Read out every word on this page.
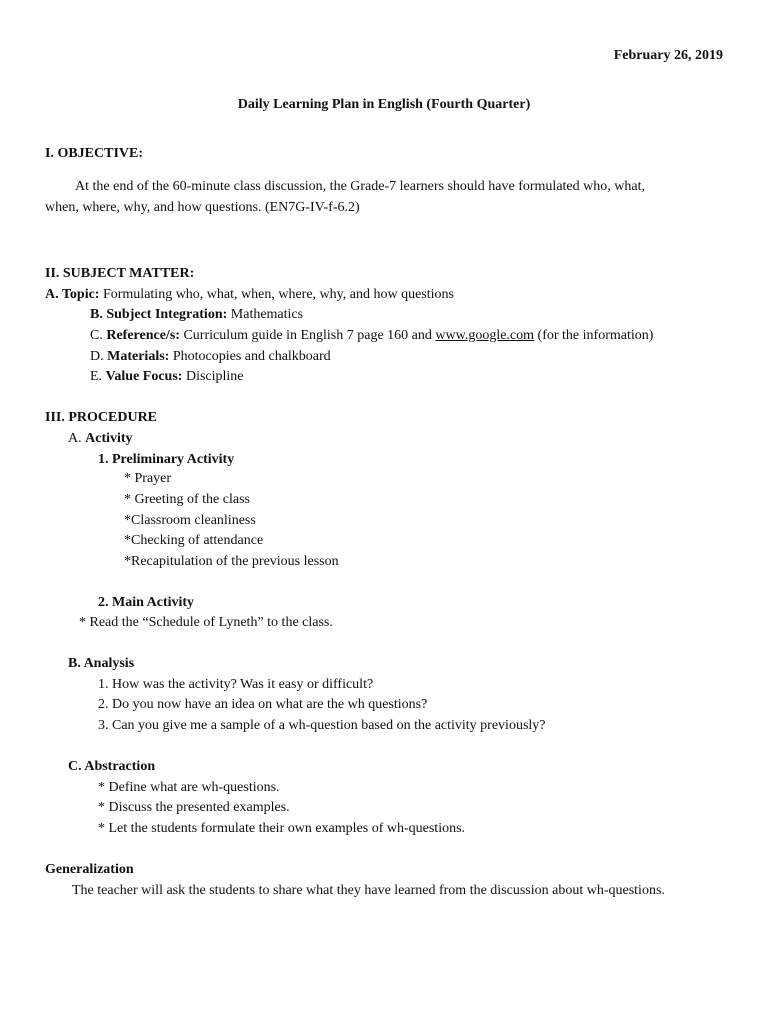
February 26, 2019
Daily Learning Plan in English (Fourth Quarter)
I. OBJECTIVE:
At the end of the 60-minute class discussion, the Grade-7 learners should have formulated who, what,
when, where, why, and how questions. (EN7G-IV-f-6.2)
II. SUBJECT MATTER:
A. Topic: Formulating who, what, when, where, why, and how questions
B. Subject Integration: Mathematics
C. Reference/s: Curriculum guide in English 7 page 160 and www.google.com (for the information)
D. Materials: Photocopies and chalkboard
E. Value Focus: Discipline
III. PROCEDURE
A. Activity
1. Preliminary Activity
* Prayer
* Greeting of the class
*Classroom cleanliness
*Checking of attendance
*Recapitulation of the previous lesson
2. Main Activity
* Read the “Schedule of Lyneth” to the class.
B. Analysis
1. How was the activity? Was it easy or difficult?
2. Do you now have an idea on what are the wh questions?
3. Can you give me a sample of a wh-question based on the activity previously?
C. Abstraction
* Define what are wh-questions.
* Discuss the presented examples.
* Let the students formulate their own examples of wh-questions.
Generalization
The teacher will ask the students to share what they have learned from the discussion about wh-questions.
